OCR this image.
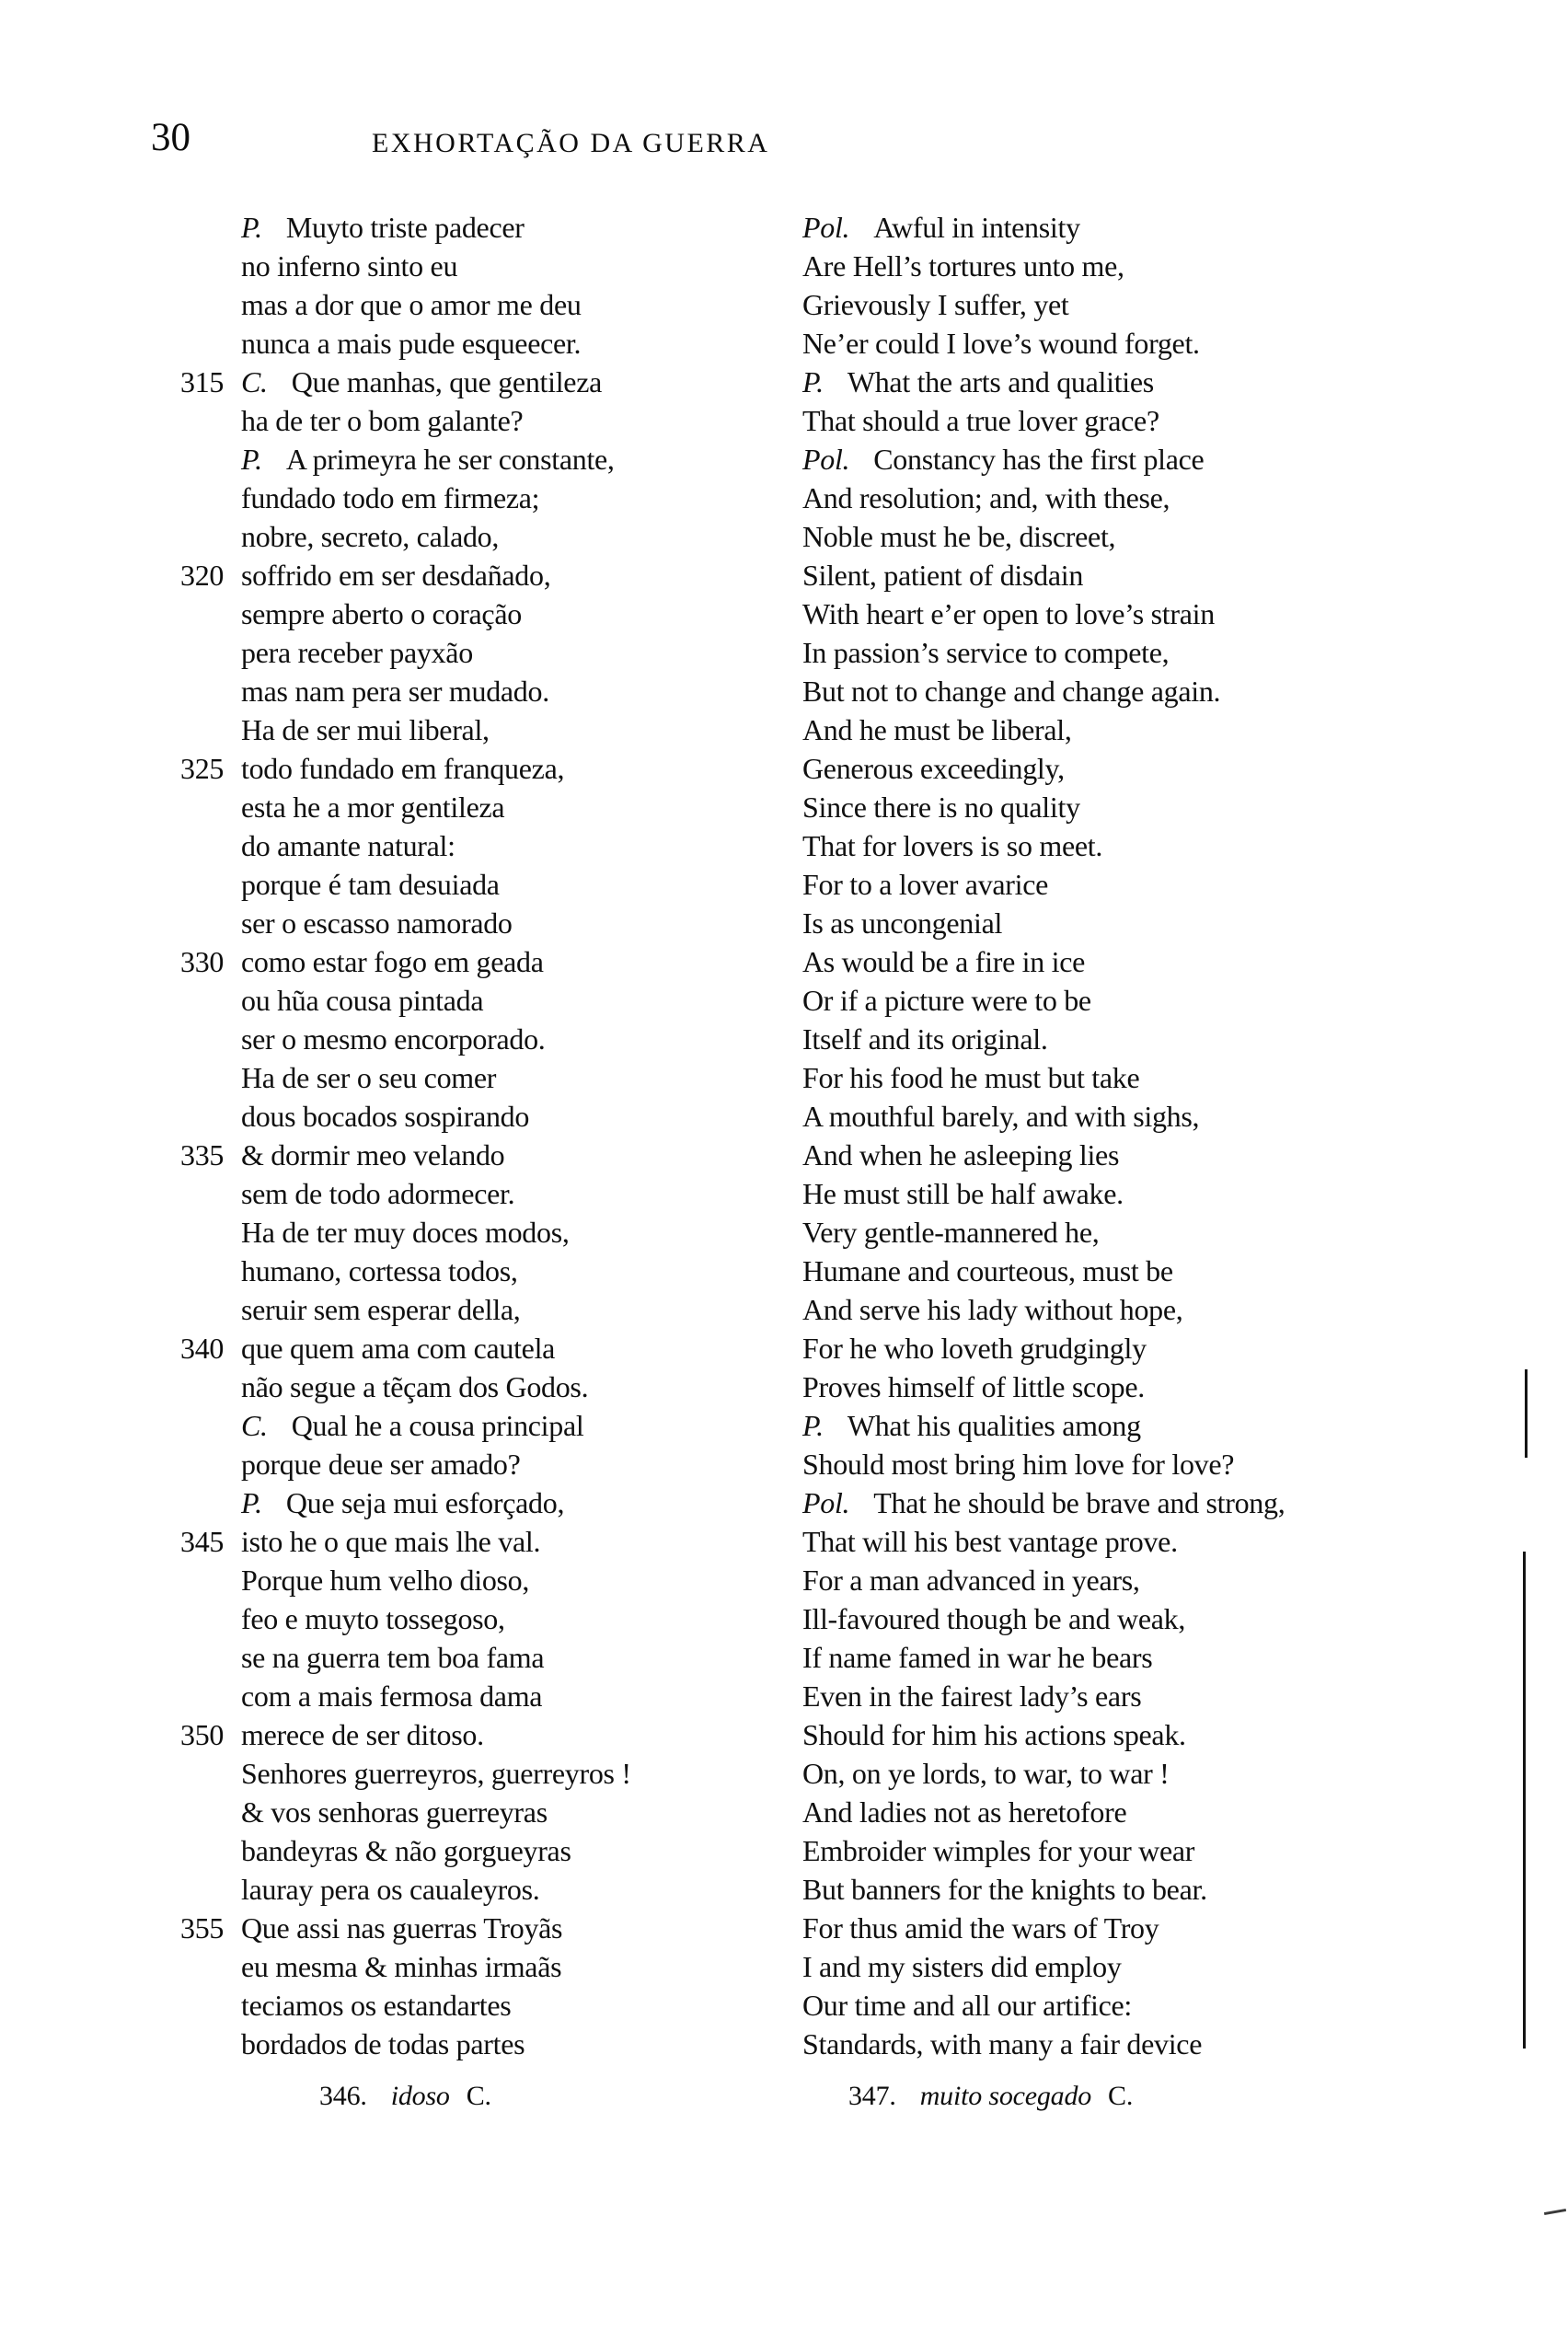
30	EXHORTAÇÃO DA GUERRA
P. Muyto triste padecer
no inferno sinto eu
mas a dor que o amor me deu
nunca a mais pude esqueecer.
315 C. Que manhas, que gentileza
ha de ter o bom galante?
P. A primeyra he ser constante,
fundado todo em firmeza;
nobre, secreto, calado,
320 soffrido em ser desdañado,
sempre aberto o coração
pera receber payxão
mas nam pera ser mudado.
Ha de ser mui liberal,
325 todo fundado em franqueza,
esta he a mor gentileza
do amante natural:
porque é tam desuiada
ser o escasso namorado
330 como estar fogo em geada
ou hũa cousa pintada
ser o mesmo encorporado.
Ha de ser o seu comer
dous bocados sospirando
335 & dormir meo velando
sem de todo adormecer.
Ha de ter muy doces modos,
humano, cortessa todos,
seruir sem esperar della,
340 que quem ama com cautela
não segue a tẽçam dos Godos.
C. Qual he a cousa principal
porque deue ser amado?
P. Que seja mui esforçado,
345 isto he o que mais lhe val.
Porque hum velho dioso,
feo e muyto tossegoso,
se na guerra tem boa fama
com a mais fermosa dama
350 merece de ser ditoso.
Senhores guerreyros, guerreyros !
& vos senhoras guerreyras
bandeyras & não gorgueyras
lauray pera os caualeyros.
355 Que assi nas guerras Troyãs
eu mesma & minhas irmaãs
teciamos os estandartes
bordados de todas partes
Pol. Awful in intensity
Are Hell’s tortures unto me,
Grievously I suffer, yet
Ne’er could I love’s wound forget.
P. What the arts and qualities
That should a true lover grace?
Pol. Constancy has the first place
And resolution; and, with these,
Noble must he be, discreet,
Silent, patient of disdain
With heart e’er open to love’s strain
In passion’s service to compete,
But not to change and change again.
And he must be liberal,
Generous exceedingly,
Since there is no quality
That for lovers is so meet.
For to a lover avarice
Is as uncongenial
As would be a fire in ice
Or if a picture were to be
Itself and its original.
For his food he must but take
A mouthful barely, and with sighs,
And when he asleeping lies
He must still be half awake.
Very gentle-mannered he,
Humane and courteous, must be
And serve his lady without hope,
For he who loveth grudgingly
Proves himself of little scope.
P. What his qualities among
Should most bring him love for love?
Pol. That he should be brave and strong,
That will his best vantage prove.
For a man advanced in years,
Ill-favoured though be and weak,
If name famed in war he bears
Even in the fairest lady’s ears
Should for him his actions speak.
On, on ye lords, to war, to war !
And ladies not as heretofore
Embroider wimples for your wear
But banners for the knights to bear.
For thus amid the wars of Troy
I and my sisters did employ
Our time and all our artifice:
Standards, with many a fair device
346. idoso C.	347. muito socegado C.
